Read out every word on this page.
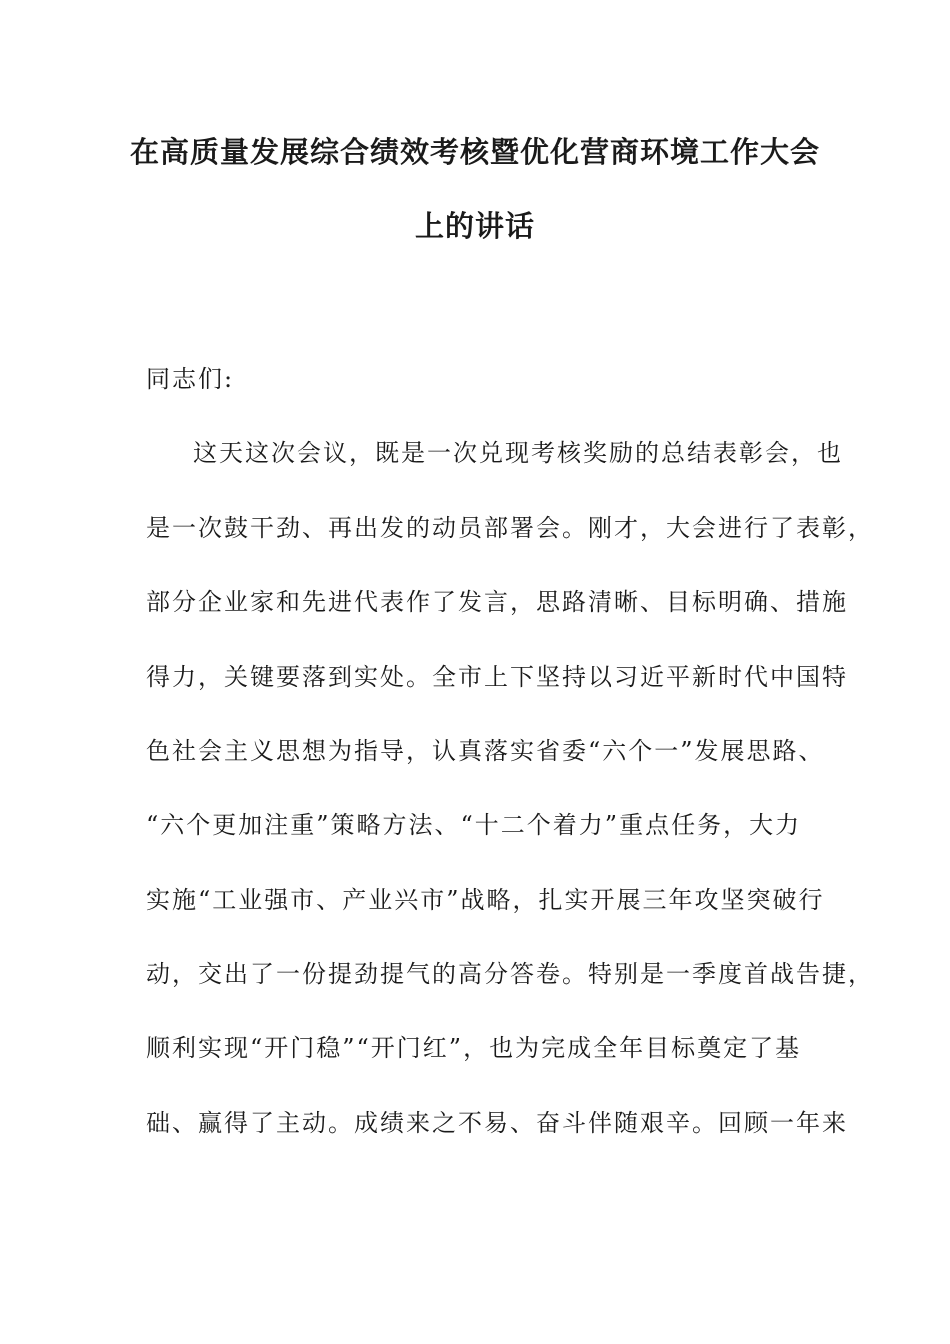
在高质量发展综合绩效考核暨优化营商环境工作大会
上的讲话
同志们:
这天这次会议，既是一次兑现考核奖励的总结表彰会，也
是一次鼓干劲、再出发的动员部署会。刚才，大会进行了表彰，
部分企业家和先进代表作了发言，思路清晰、目标明确、措施
得力，关键要落到实处。全市上下坚持以习近平新时代中国特
色社会主义思想为指导，认真落实省委“六个一”发展思路、
“六个更加注重”策略方法、“十二个着力”重点任务，大力
实施“工业强市、产业兴市”战略，扎实开展三年攻坚突破行
动，交出了一份提劲提气的高分答卷。特别是一季度首战告捷，
顺利实现“开门稳”“开门红”，也为完成全年目标奠定了基
础、赢得了主动。成绩来之不易、奋斗伴随艰辛。回顾一年来
